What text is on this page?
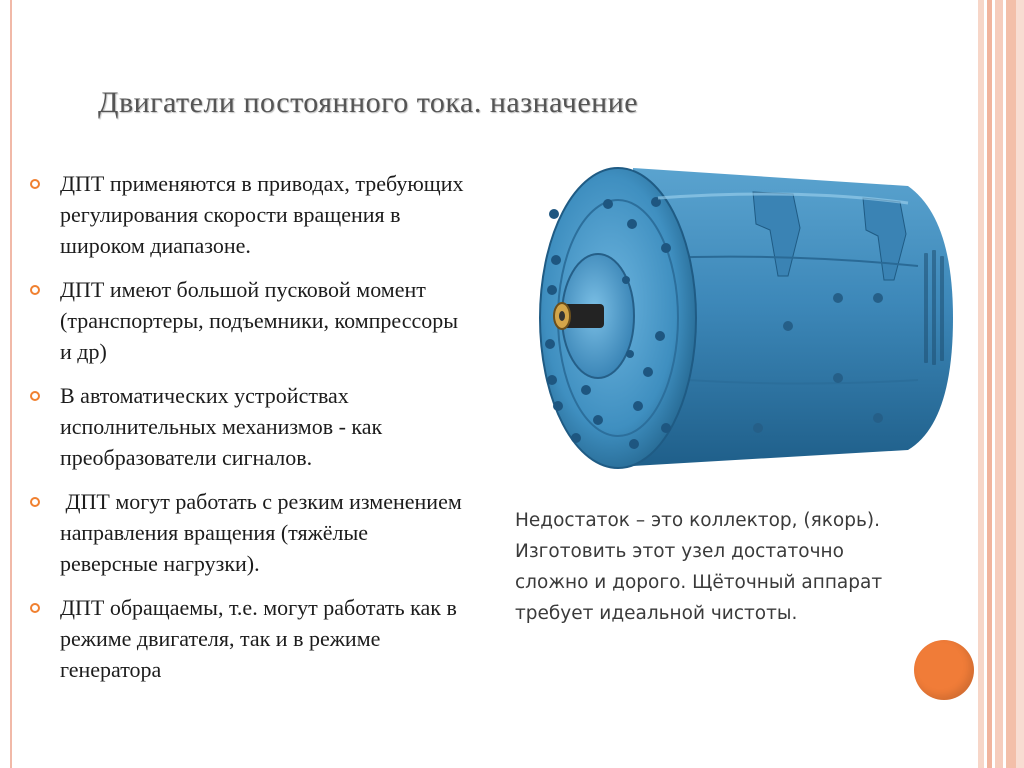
Двигатели постоянного тока. назначение
ДПТ применяются в приводах, требующих регулирования скорости вращения в широком диапазоне.
ДПТ имеют большой пусковой момент (транспортеры, подъемники, компрессоры и др)
В автоматических устройствах исполнительных механизмов - как преобразователи сигналов.
ДПТ могут работать с резким изменением направления вращения (тяжёлые реверсные нагрузки).
ДПТ обращаемы, т.е. могут работать как в режиме двигателя, так и в режиме генератора

Недостаток – это коллектор, (якорь).

Изготовить этот узел достаточно

сложно и дорого. Щёточный аппарат

требует идеальной чистоты.
